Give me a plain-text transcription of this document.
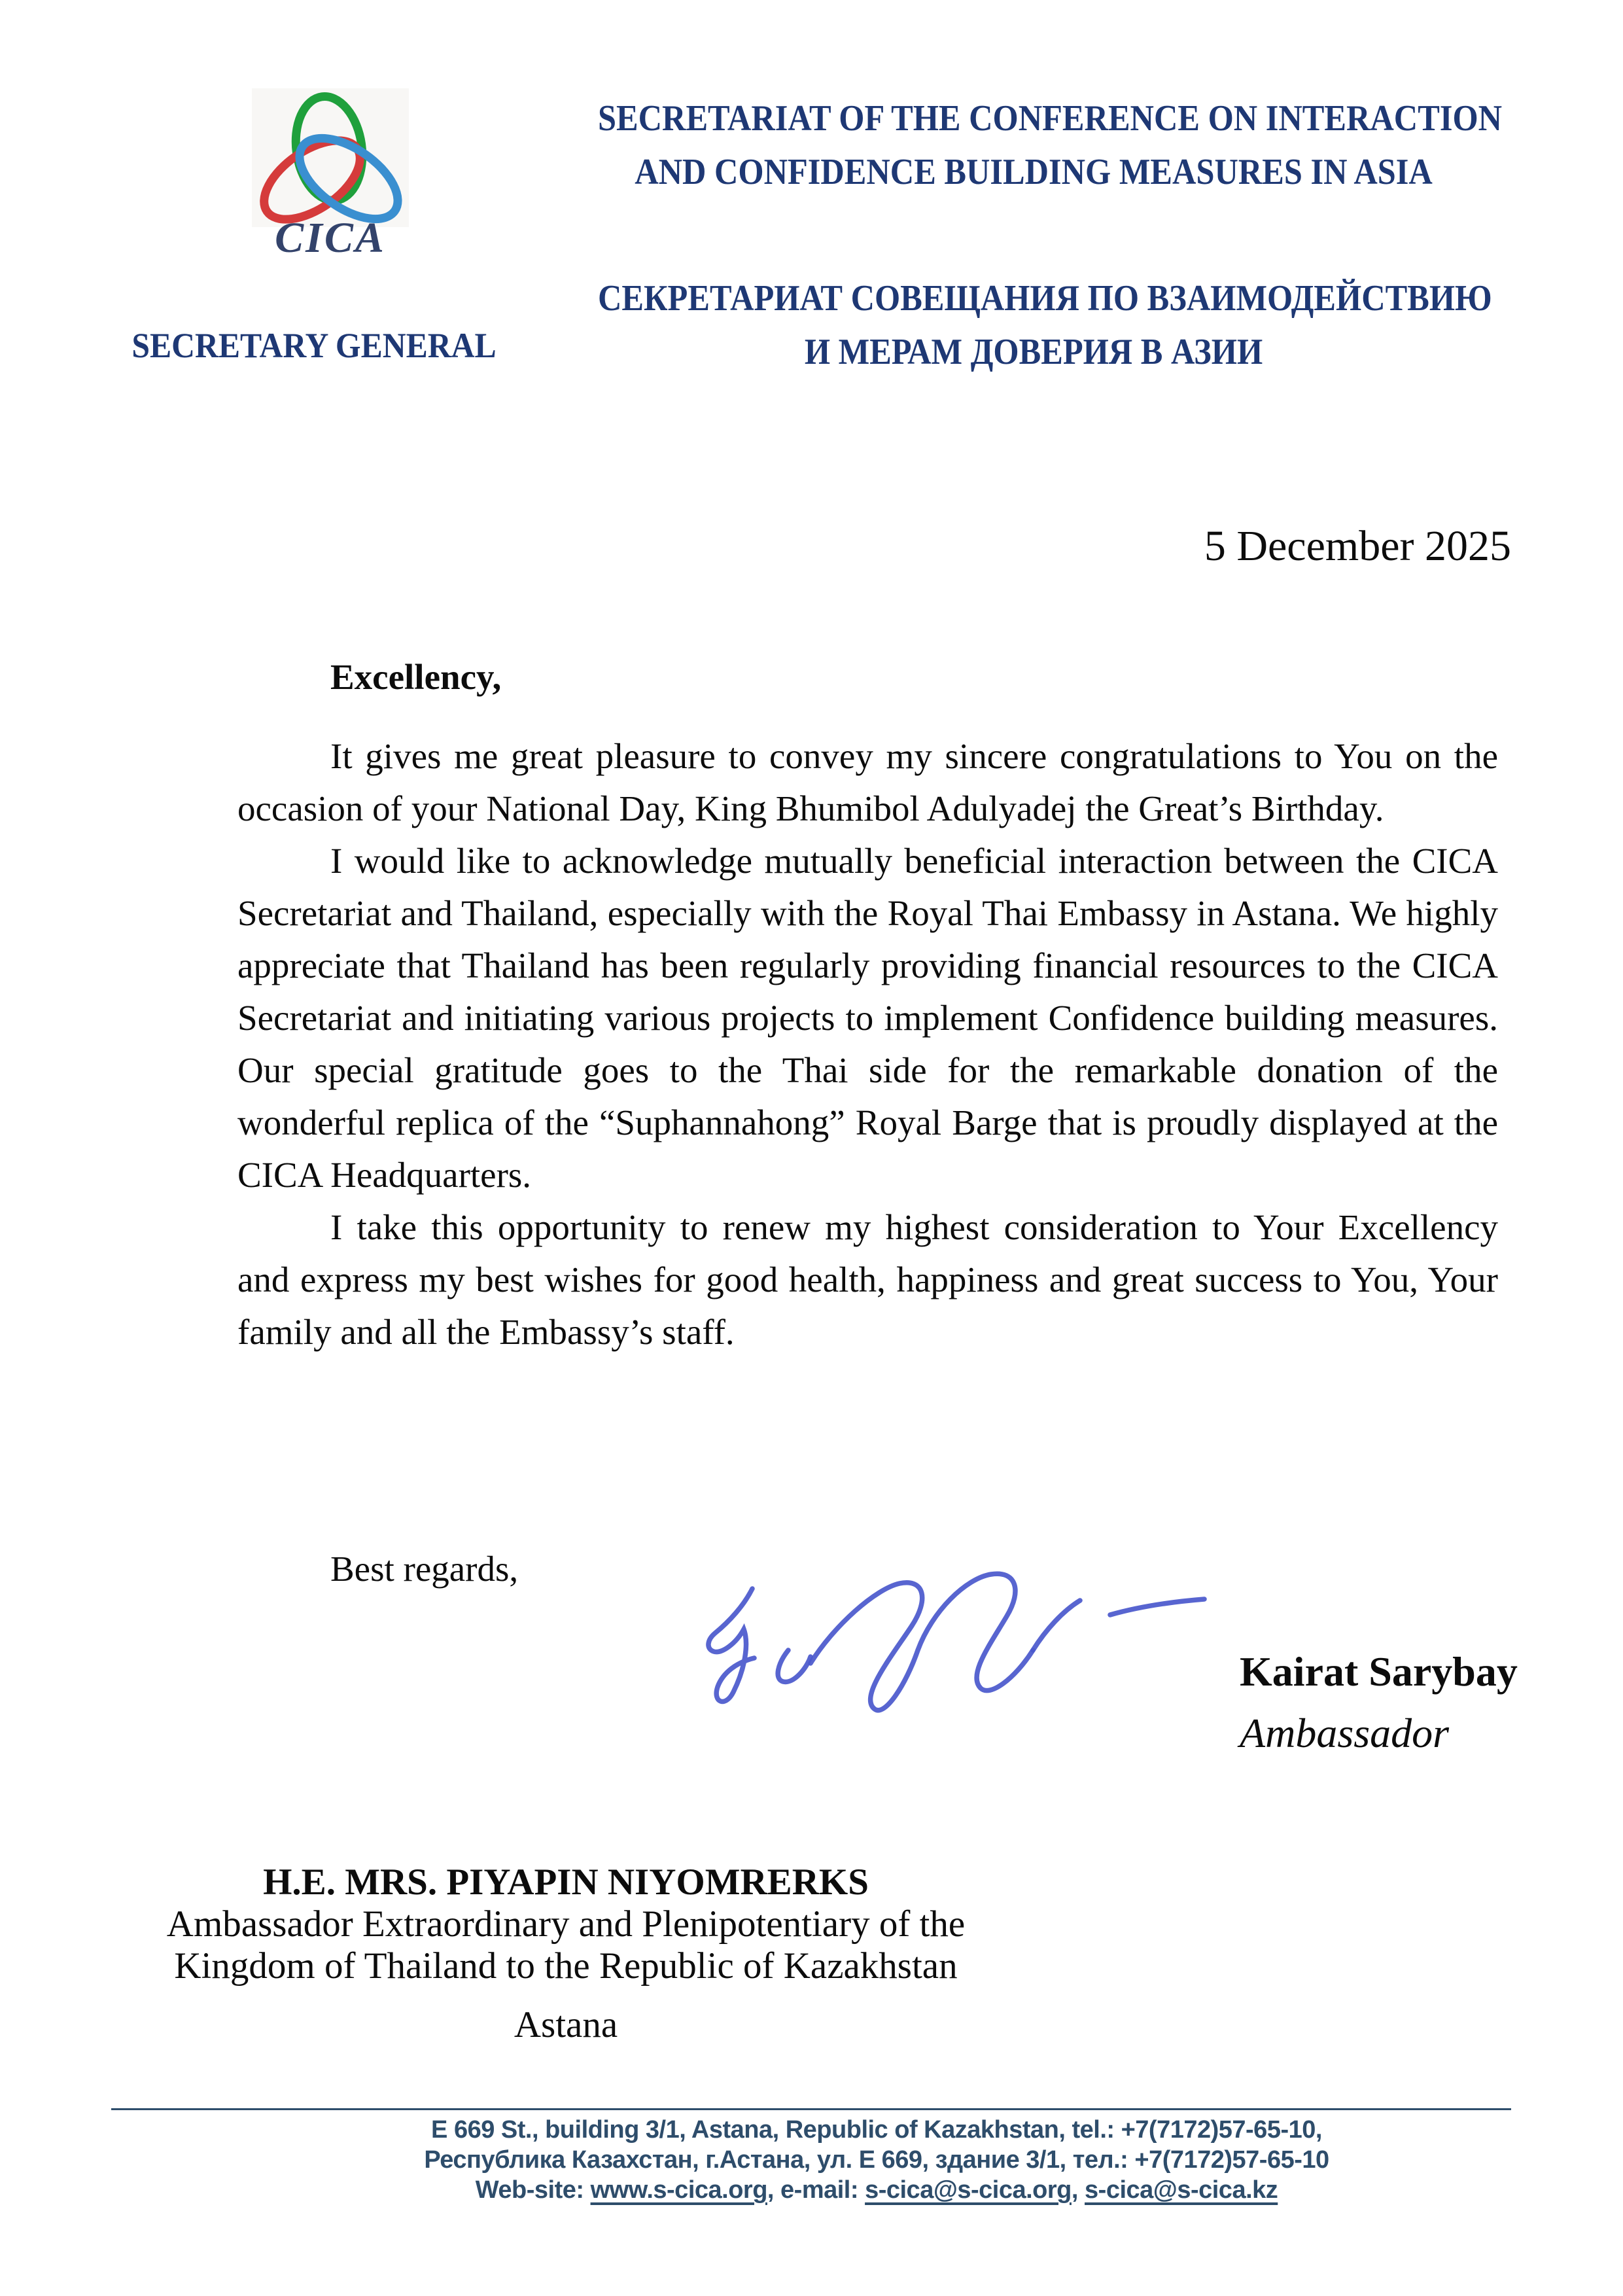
CICA
SECRETARY GENERAL
SECRETARIAT OF THE CONFERENCE ON INTERACTION
AND CONFIDENCE BUILDING MEASURES IN ASIA
СЕКРЕТАРИАТ СОВЕЩАНИЯ ПО ВЗАИМОДЕЙСТВИЮ
И МЕРАМ ДОВЕРИЯ В АЗИИ
5 December 2025
Excellency,

It gives me great pleasure to convey my sincere congratulations to You on the occasion of your National Day, King Bhumibol Adulyadej the Great’s Birthday.

I would like to acknowledge mutually beneficial interaction between the CICA Secretariat and Thailand, especially with the Royal Thai Embassy in Astana. We highly appreciate that Thailand has been regularly providing financial resources to the CICA Secretariat and initiating various projects to implement Confidence building measures. Our special gratitude goes to the Thai side for the remarkable donation of the wonderful replica of the “Suphannahong” Royal Barge that is proudly displayed at the CICA Headquarters.

I take this opportunity to renew my highest consideration to Your Excellency and express my best wishes for good health, happiness and great success to You, Your family and all the Embassy’s staff.

Best regards,
Kairat Sarybay
Ambassador
H.E. MRS. PIYAPIN NIYOMRERKS
Ambassador Extraordinary and Plenipotentiary of the
Kingdom of Thailand to the Republic of Kazakhstan
Astana
E 669 St., building 3/1, Astana, Republic of Kazakhstan, tel.: +7(7172)57-65-10,
Республика Казахстан, г.Астана, ул. Е 669, здание 3/1, тел.: +7(7172)57-65-10
Web-site: www.s-cica.org, e-mail: s-cica@s-cica.org, s-cica@s-cica.kz
